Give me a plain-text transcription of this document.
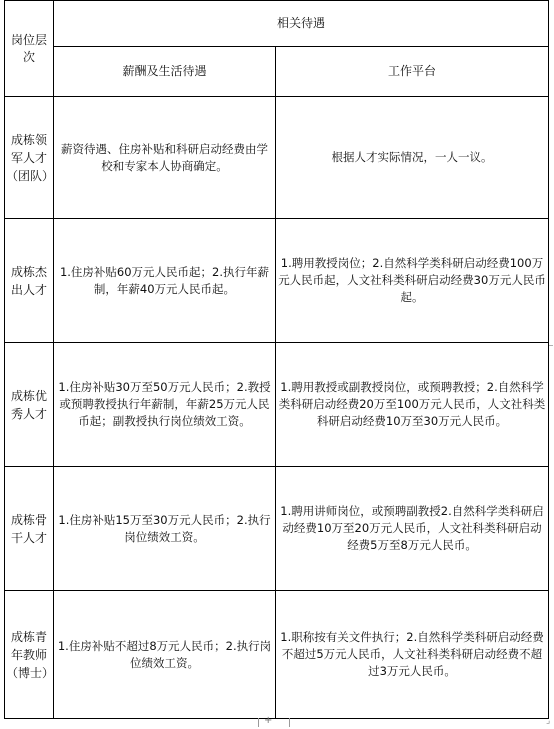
岗位层次	相关待遇	

	薪酬及生活待遇	工作平台

成栋领军人才（团队）	薪资待遇、住房补贴和科研启动经费由学校和专家本人协商确定。	根据人才实际情况，一人一议。

成栋杰出人才	1.住房补贴60万元人民币起；2.执行年薪制，年薪40万元人民币起。	1.聘用教授岗位；2.自然科学类科研启动经费100万元人民币起，人文社科类科研启动经费30万元人民币起。

成栋优秀人才	1.住房补贴30万至50万元人民币；2.教授或预聘教授执行年薪制，年薪25万元人民币起；副教授执行岗位绩效工资。	1.聘用教授或副教授岗位，或预聘教授；2.自然科学类科研启动经费20万至100万元人民币，人文社科类科研启动经费10万至30万元人民币。

成栋骨干人才	1.住房补贴15万至30万元人民币；2.执行岗位绩效工资。	1.聘用讲师岗位，或预聘副教授2.自然科学类科研启动经费10万至20万元人民币，人文社科类科研启动经费5万至8万元人民币。

成栋青年教师（博士）	1.住房补贴不超过8万元人民币；2.执行岗位绩效工资。	1.职称按有关文件执行；2.自然科学类科研启动经费不超过5万元人民币，人文社科类科研启动经费不超过3万元人民币。
+	⌟
